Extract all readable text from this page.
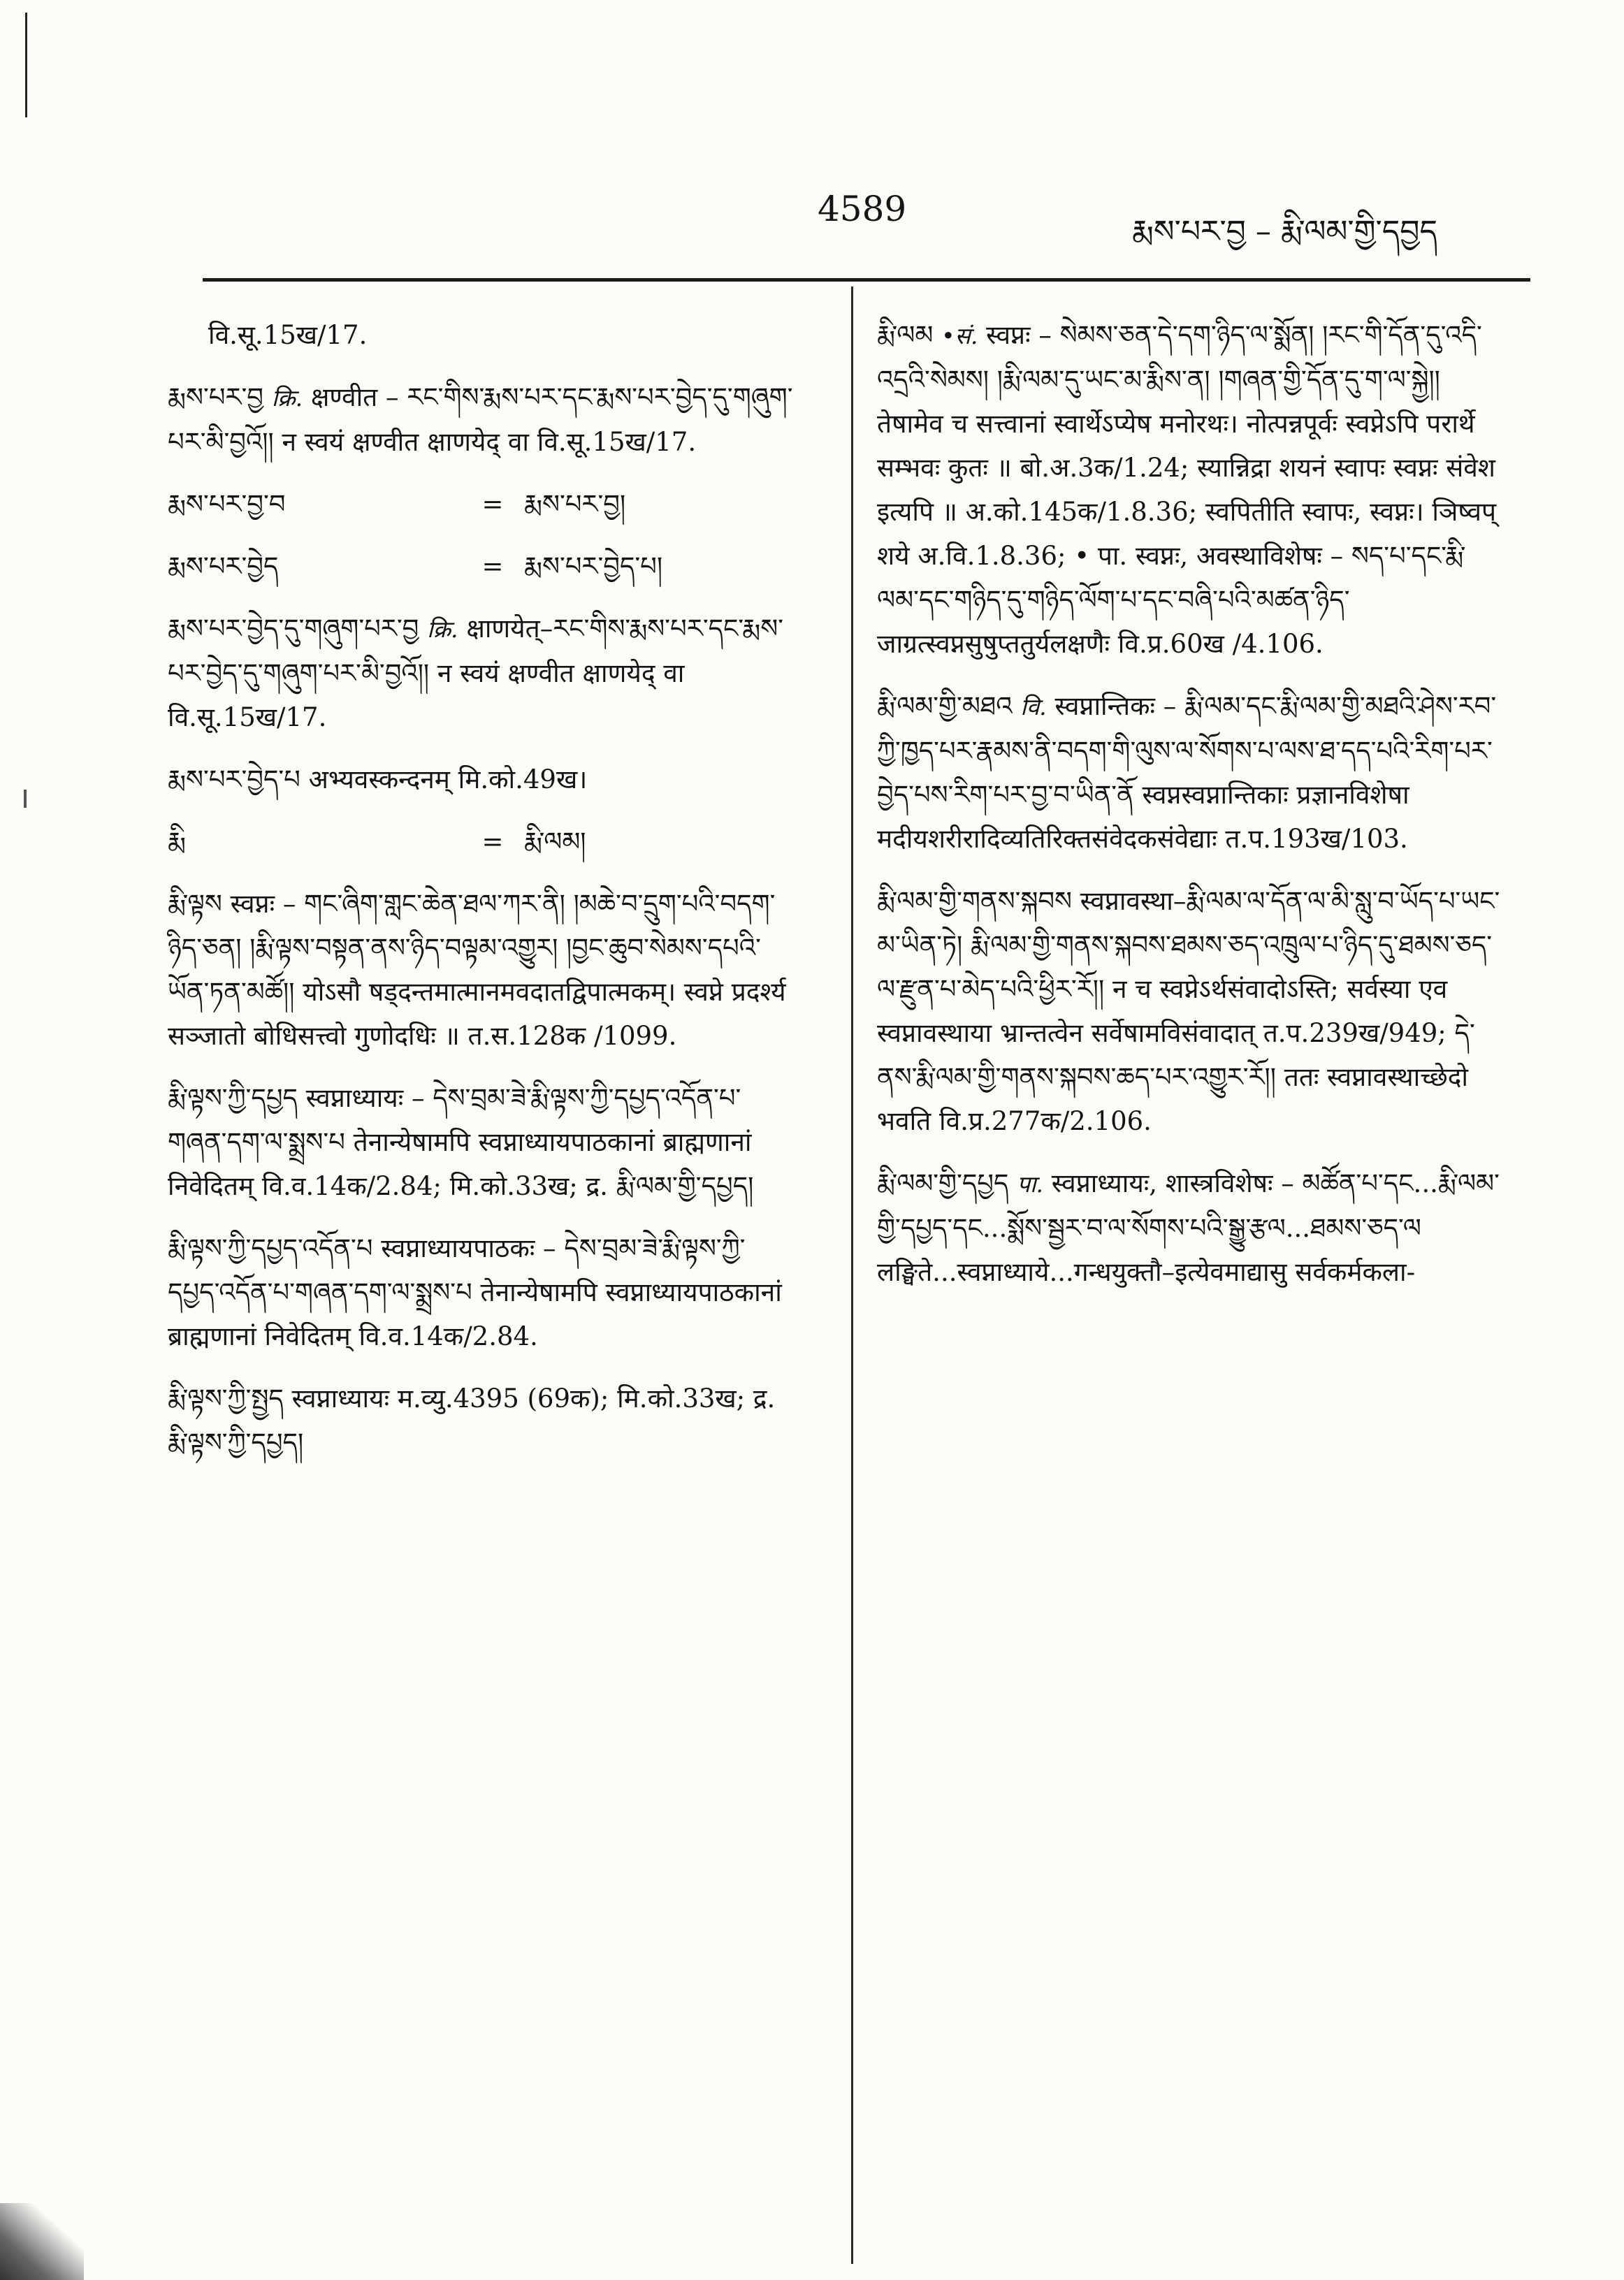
4589
རྨས་པར་བྱ – རྨི་ལམ་གྱི་དབྱད
वि.सू.15ख/17.
རྨས་པར་བྱ क्रि. क्षण्वीत – རང་གིས་རྨས་པར་དང་རྨས་པར་བྱེད་དུ་གཞུག་པར་མི་བྱའོ།། न स्वयं क्षण्वीत क्षाणयेद् वा वि.सू.15ख/17.
རྨས་པར་བྱ་བ	= རྨས་པར་བྱ།
རྨས་པར་བྱེད	= རྨས་པར་བྱེད་པ།
རྨས་པར་བྱེད་དུ་གཞུག་པར་བྱ क्रि. क्षाणयेत्–རང་གིས་རྨས་པར་དང་རྨས་པར་བྱེད་དུ་གཞུག་པར་མི་བྱའོ།། न स्वयं क्षण्वीत क्षाणयेद् वा वि.सू.15ख/17.
རྨས་པར་བྱེད་པ अभ्यवस्कन्दनम् मि.को.49ख।
རྨི	= རྨི་ལམ།
རྨི་ལྟས स्वप्नः – གང་ཞིག་གླང་ཆེན་ཐལ་ཀར་ནི། །མཆེ་བ་དྲུག་པའི་བདག་ཉིད་ཅན། །རྨི་ལྟས་བསྟན་ནས་ཉིད་བལྟམ་འགྱུར། །བྱང་ཆུབ་སེམས་དཔའི་ཡོན་ཏན་མཚོ།། योऽसौ षड्दन्तमात्मानमवदातद्विपात्मकम्। स्वप्ने प्रदर्श्य सञ्जातो बोधिसत्त्वो गुणोदधिः ॥ त.स.128क /1099.
རྨི་ལྟས་ཀྱི་དཔྱད स्वप्नाध्यायः – དེས་བྲམ་ཟེ་རྨི་ལྟས་ཀྱི་དཔྱད་འདོན་པ་གཞན་དག་ལ་སྨྲས་པ तेनान्येषामपि स्वप्नाध्यायपाठकानां ब्राह्मणानां निवेदितम् वि.व.14क/2.84; मि.को.33ख; द्र. རྨི་ལམ་གྱི་དཔྱད།
རྨི་ལྟས་ཀྱི་དཔྱད་འདོན་པ स्वप्नाध्यायपाठकः – དེས་བྲམ་ཟེ་རྨི་ལྟས་ཀྱི་དཔྱད་འདོན་པ་གཞན་དག་ལ་སྨྲས་པ तेनान्येषामपि स्वप्नाध्यायपाठकानां ब्राह्मणानां निवेदितम् वि.व.14क/2.84.
རྨི་ལྟས་ཀྱི་སྤྱད स्वप्नाध्यायः म.व्यु.4395 (69क); मि.को.33ख; द्र. རྨི་ལྟས་ཀྱི་དཔྱད།
རྨི་ལམ •सं. स्वप्नः – སེམས་ཅན་དེ་དག་ཉིད་ལ་སྨོན། །རང་གི་དོན་དུ་འདི་འདྲའི་སེམས། །རྨི་ལམ་དུ་ཡང་མ་རྨིས་ན། །གཞན་གྱི་དོན་དུ་ག་ལ་སྐྱེ།། तेषामेव च सत्त्वानां स्वार्थेऽप्येष मनोरथः। नोत्पन्नपूर्वः स्वप्नेऽपि परार्थे सम्भवः कुतः ॥ बो.अ.3क/1.24; स्यान्निद्रा शयनं स्वापः स्वप्नः संवेश इत्यपि ॥ अ.को.145क/1.8.36; स्वपितीति स्वापः, स्वप्नः। ञिष्वप् शये अ.वि.1.8.36; • पा. स्वप्नः, अवस्थाविशेषः – སད་པ་དང་རྨི་ལམ་དང་གཉིད་དུ་གཉིད་ལོག་པ་དང་བཞི་པའི་མཚན་ཉིད་जाग्रत्स्वप्नसुषुप्ततुर्यलक्षणैः वि.प्र.60ख /4.106.
རྨི་ལམ་གྱི་མཐའ वि. स्वप्नान्तिकः – རྨི་ལམ་དང་རྨི་ལམ་གྱི་མཐའི་ཤེས་རབ་ཀྱི་ཁྱད་པར་རྣམས་ནི་བདག་གི་ལུས་ལ་སོགས་པ་ལས་ཐ་དད་པའི་རིག་པར་བྱེད་པས་རིག་པར་བྱ་བ་ཡིན་ནོ स्वप्नस्वप्नान्तिकाः प्रज्ञानविशेषा मदीयशरीरादिव्यतिरिक्तसंवेदकसंवेद्याः त.प.193ख/103.
རྨི་ལམ་གྱི་གནས་སྐབས स्वप्नावस्था–རྨི་ལམ་ལ་དོན་ལ་མི་སླུ་བ་ཡོད་པ་ཡང་མ་ཡིན་ཏེ། རྨི་ལམ་གྱི་གནས་སྐབས་ཐམས་ཅད་འཁྲུལ་པ་ཉིད་དུ་ཐམས་ཅད་ལ་རྫུན་པ་མེད་པའི་ཕྱིར་རོ།། न च स्वप्नेऽर्थसंवादोऽस्ति; सर्वस्या एव स्वप्नावस्थाया भ्रान्तत्वेन सर्वेषामविसंवादात् त.प.239ख/949; དེ་ནས་རྨི་ལམ་གྱི་གནས་སྐབས་ཆད་པར་འགྱུར་རོ།། ततः स्वप्नावस्थाच्छेदो भवति वि.प्र.277क/2.106.
རྨི་ལམ་གྱི་དཔྱད पा. स्वप्नाध्यायः, शास्त्रविशेषः – མཚོན་པ་དང...རྨི་ལམ་གྱི་དཔྱད་དང...སྨོས་སྦྱར་བ་ལ་སོགས་པའི་སྒྱུ་རྩལ...ཐམས་ཅད་ལ लङ्घिते...स्वप्नाध्याये...गन्धयुक्तौ–इत्येवमाद्यासु सर्वकर्मकला-
